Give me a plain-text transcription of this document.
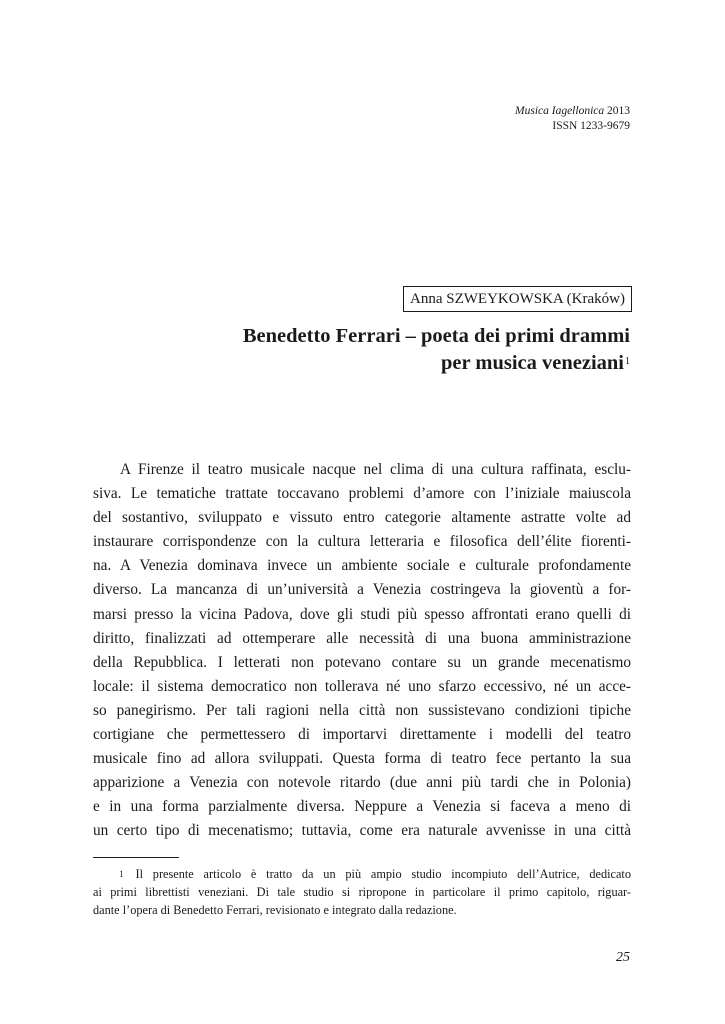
Musica Iagellonica 2013
ISSN 1233-9679
Anna SZWEYKOWSKA (Kraków)
Benedetto Ferrari – poeta dei primi drammi
per musica veneziani$^1$
A Firenze il teatro musicale nacque nel clima di una cultura raffinata, esclu-
siva. Le tematiche trattate toccavano problemi d’amore con l’iniziale maiuscola
del sostantivo, sviluppato e vissuto entro categorie altamente astratte volte ad
instaurare corrispondenze con la cultura letteraria e filosofica dell’élite fiorenti-
na. A Venezia dominava invece un ambiente sociale e culturale profondamente
diverso. La mancanza di un’università a Venezia costringeva la gioventù a for-
marsi presso la vicina Padova, dove gli studi più spesso affrontati erano quelli di
diritto, finalizzati ad ottemperare alle necessità di una buona amministrazione
della Repubblica. I letterati non potevano contare su un grande mecenatismo
locale: il sistema democratico non tollerava né uno sfarzo eccessivo, né un acce-
so panegirismo. Per tali ragioni nella città non sussistevano condizioni tipiche
cortigiane che permettessero di importarvi direttamente i modelli del teatro
musicale fino ad allora sviluppati. Questa forma di teatro fece pertanto la sua
apparizione a Venezia con notevole ritardo (due anni più tardi che in Polonia)
e in una forma parzialmente diversa. Neppure a Venezia si faceva a meno di
un certo tipo di mecenatismo; tuttavia, come era naturale avvenisse in una città
1 Il presente articolo è tratto da un più ampio studio incompiuto dell’Autrice, dedicato
ai primi librettisti veneziani. Di tale studio si ripropone in particolare il primo capitolo, riguar-
dante l’opera di Benedetto Ferrari, revisionato e integrato dalla redazione.
25
